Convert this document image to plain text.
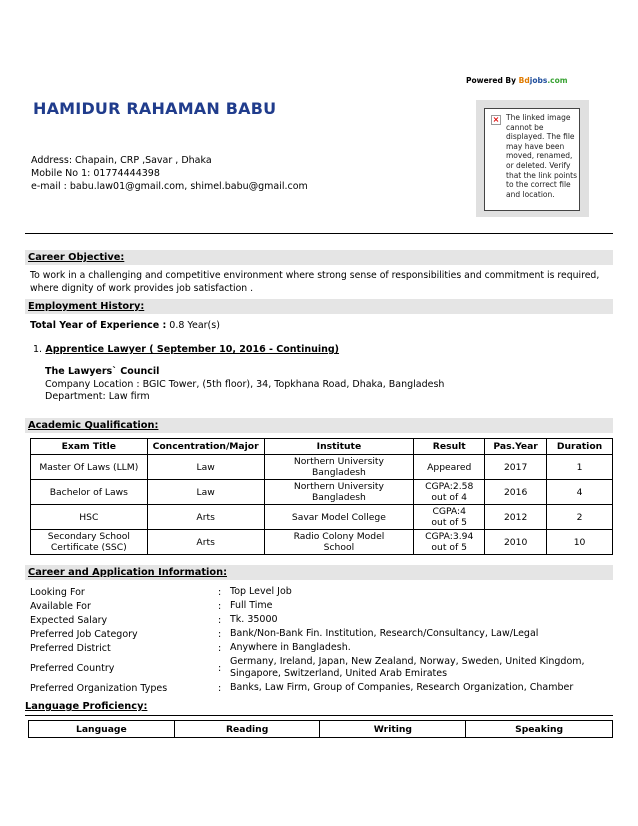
Powered By Bdjobs.com
HAMIDUR RAHAMAN BABU
Address: Chapain, CRP ,Savar , Dhaka
Mobile No 1: 01774444398
e-mail : babu.law01@gmail.com, shimel.babu@gmail.com
× The linked image cannot be displayed. The file may have been moved, renamed, or deleted. Verify that the link points to the correct file and location.
Career Objective:
To work in a challenging and competitive environment where strong sense of responsibilities and commitment is required, where dignity of work provides job satisfaction .
Employment History:
Total Year of Experience : 0.8 Year(s)
1. Apprentice Lawyer ( September 10, 2016 - Continuing)
The Lawyers` Council
Company Location : BGIC Tower, (5th floor), 34, Topkhana Road, Dhaka, Bangladesh
Department: Law firm
Academic Qualification:
Exam Title	Concentration/Major	Institute	Result	Pas.Year	Duration
Master Of Laws (LLM)	Law	Northern University Bangladesh	Appeared	2017	1
Bachelor of Laws	Law	Northern University Bangladesh	CGPA:2.58 out of 4	2016	4
HSC	Arts	Savar Model College	CGPA:4 out of 5	2012	2
Secondary School Certificate (SSC)	Arts	Radio Colony Model School	CGPA:3.94 out of 5	2010	10
Career and Application Information:
Looking For	: Top Level Job
Available For	: Full Time
Expected Salary	: Tk. 35000
Preferred Job Category	: Bank/Non-Bank Fin. Institution, Research/Consultancy, Law/Legal
Preferred District	: Anywhere in Bangladesh.
Preferred Country	:
Germany, Ireland, Japan, New Zealand, Norway, Sweden, United Kingdom, Singapore, Switzerland, United Arab Emirates
Preferred Organization Types	: Banks, Law Firm, Group of Companies, Research Organization, Chamber
Language Proficiency:
Language	Reading	Writing	Speaking
